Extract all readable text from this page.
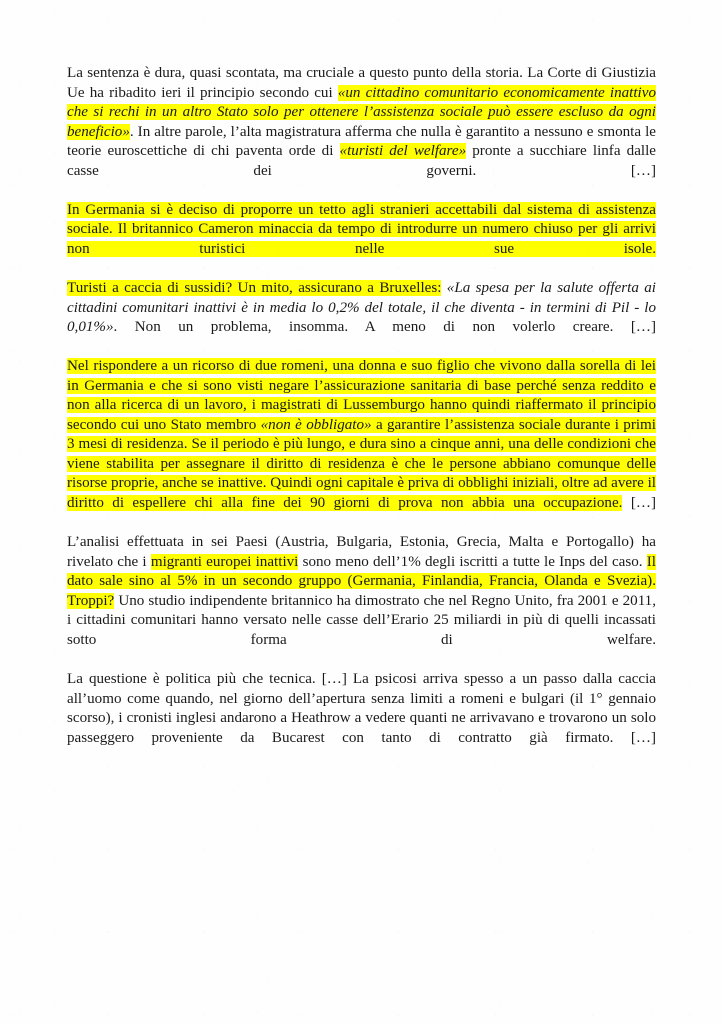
La sentenza è dura, quasi scontata, ma cruciale a questo punto della storia. La Corte di Giustizia Ue ha ribadito ieri il principio secondo cui «un cittadino comunitario economicamente inattivo che si rechi in un altro Stato solo per ottenere l’assistenza sociale può essere escluso da ogni beneficio». In altre parole, l’alta magistratura afferma che nulla è garantito a nessuno e smonta le teorie euroscettiche di chi paventa orde di «turisti del welfare» pronte a succhiare linfa dalle casse dei governi. […]

In Germania si è deciso di proporre un tetto agli stranieri accettabili dal sistema di assistenza sociale. Il britannico Cameron minaccia da tempo di introdurre un numero chiuso per gli arrivi non turistici nelle sue isole.

Turisti a caccia di sussidi? Un mito, assicurano a Bruxelles: «La spesa per la salute offerta ai cittadini comunitari inattivi è in media lo 0,2% del totale, il che diventa - in termini di Pil - lo 0,01%». Non un problema, insomma. A meno di non volerlo creare. […]

Nel rispondere a un ricorso di due romeni, una donna e suo figlio che vivono dalla sorella di lei in Germania e che si sono visti negare l’assicurazione sanitaria di base perché senza reddito e non alla ricerca di un lavoro, i magistrati di Lussemburgo hanno quindi riaffermato il principio secondo cui uno Stato membro «non è obbligato» a garantire l’assistenza sociale durante i primi 3 mesi di residenza. Se il periodo è più lungo, e dura sino a cinque anni, una delle condizioni che viene stabilita per assegnare il diritto di residenza è che le persone abbiano comunque delle risorse proprie, anche se inattive. Quindi ogni capitale è priva di obblighi iniziali, oltre ad avere il diritto di espellere chi alla fine dei 90 giorni di prova non abbia una occupazione. […]

L’analisi effettuata in sei Paesi (Austria, Bulgaria, Estonia, Grecia, Malta e Portogallo) ha rivelato che i migranti europei inattivi sono meno dell’1% degli iscritti a tutte le Inps del caso. Il dato sale sino al 5% in un secondo gruppo (Germania, Finlandia, Francia, Olanda e Svezia). Troppi? Uno studio indipendente britannico ha dimostrato che nel Regno Unito, fra 2001 e 2011, i cittadini comunitari hanno versato nelle casse dell’Erario 25 miliardi in più di quelli incassati sotto forma di welfare.

La questione è politica più che tecnica. […] La psicosi arriva spesso a un passo dalla caccia all’uomo come quando, nel giorno dell’apertura senza limiti a romeni e bulgari (il 1° gennaio scorso), i cronisti inglesi andarono a Heathrow a vedere quanti ne arrivavano e trovarono un solo passeggero proveniente da Bucarest con tanto di contratto già firmato. […]
